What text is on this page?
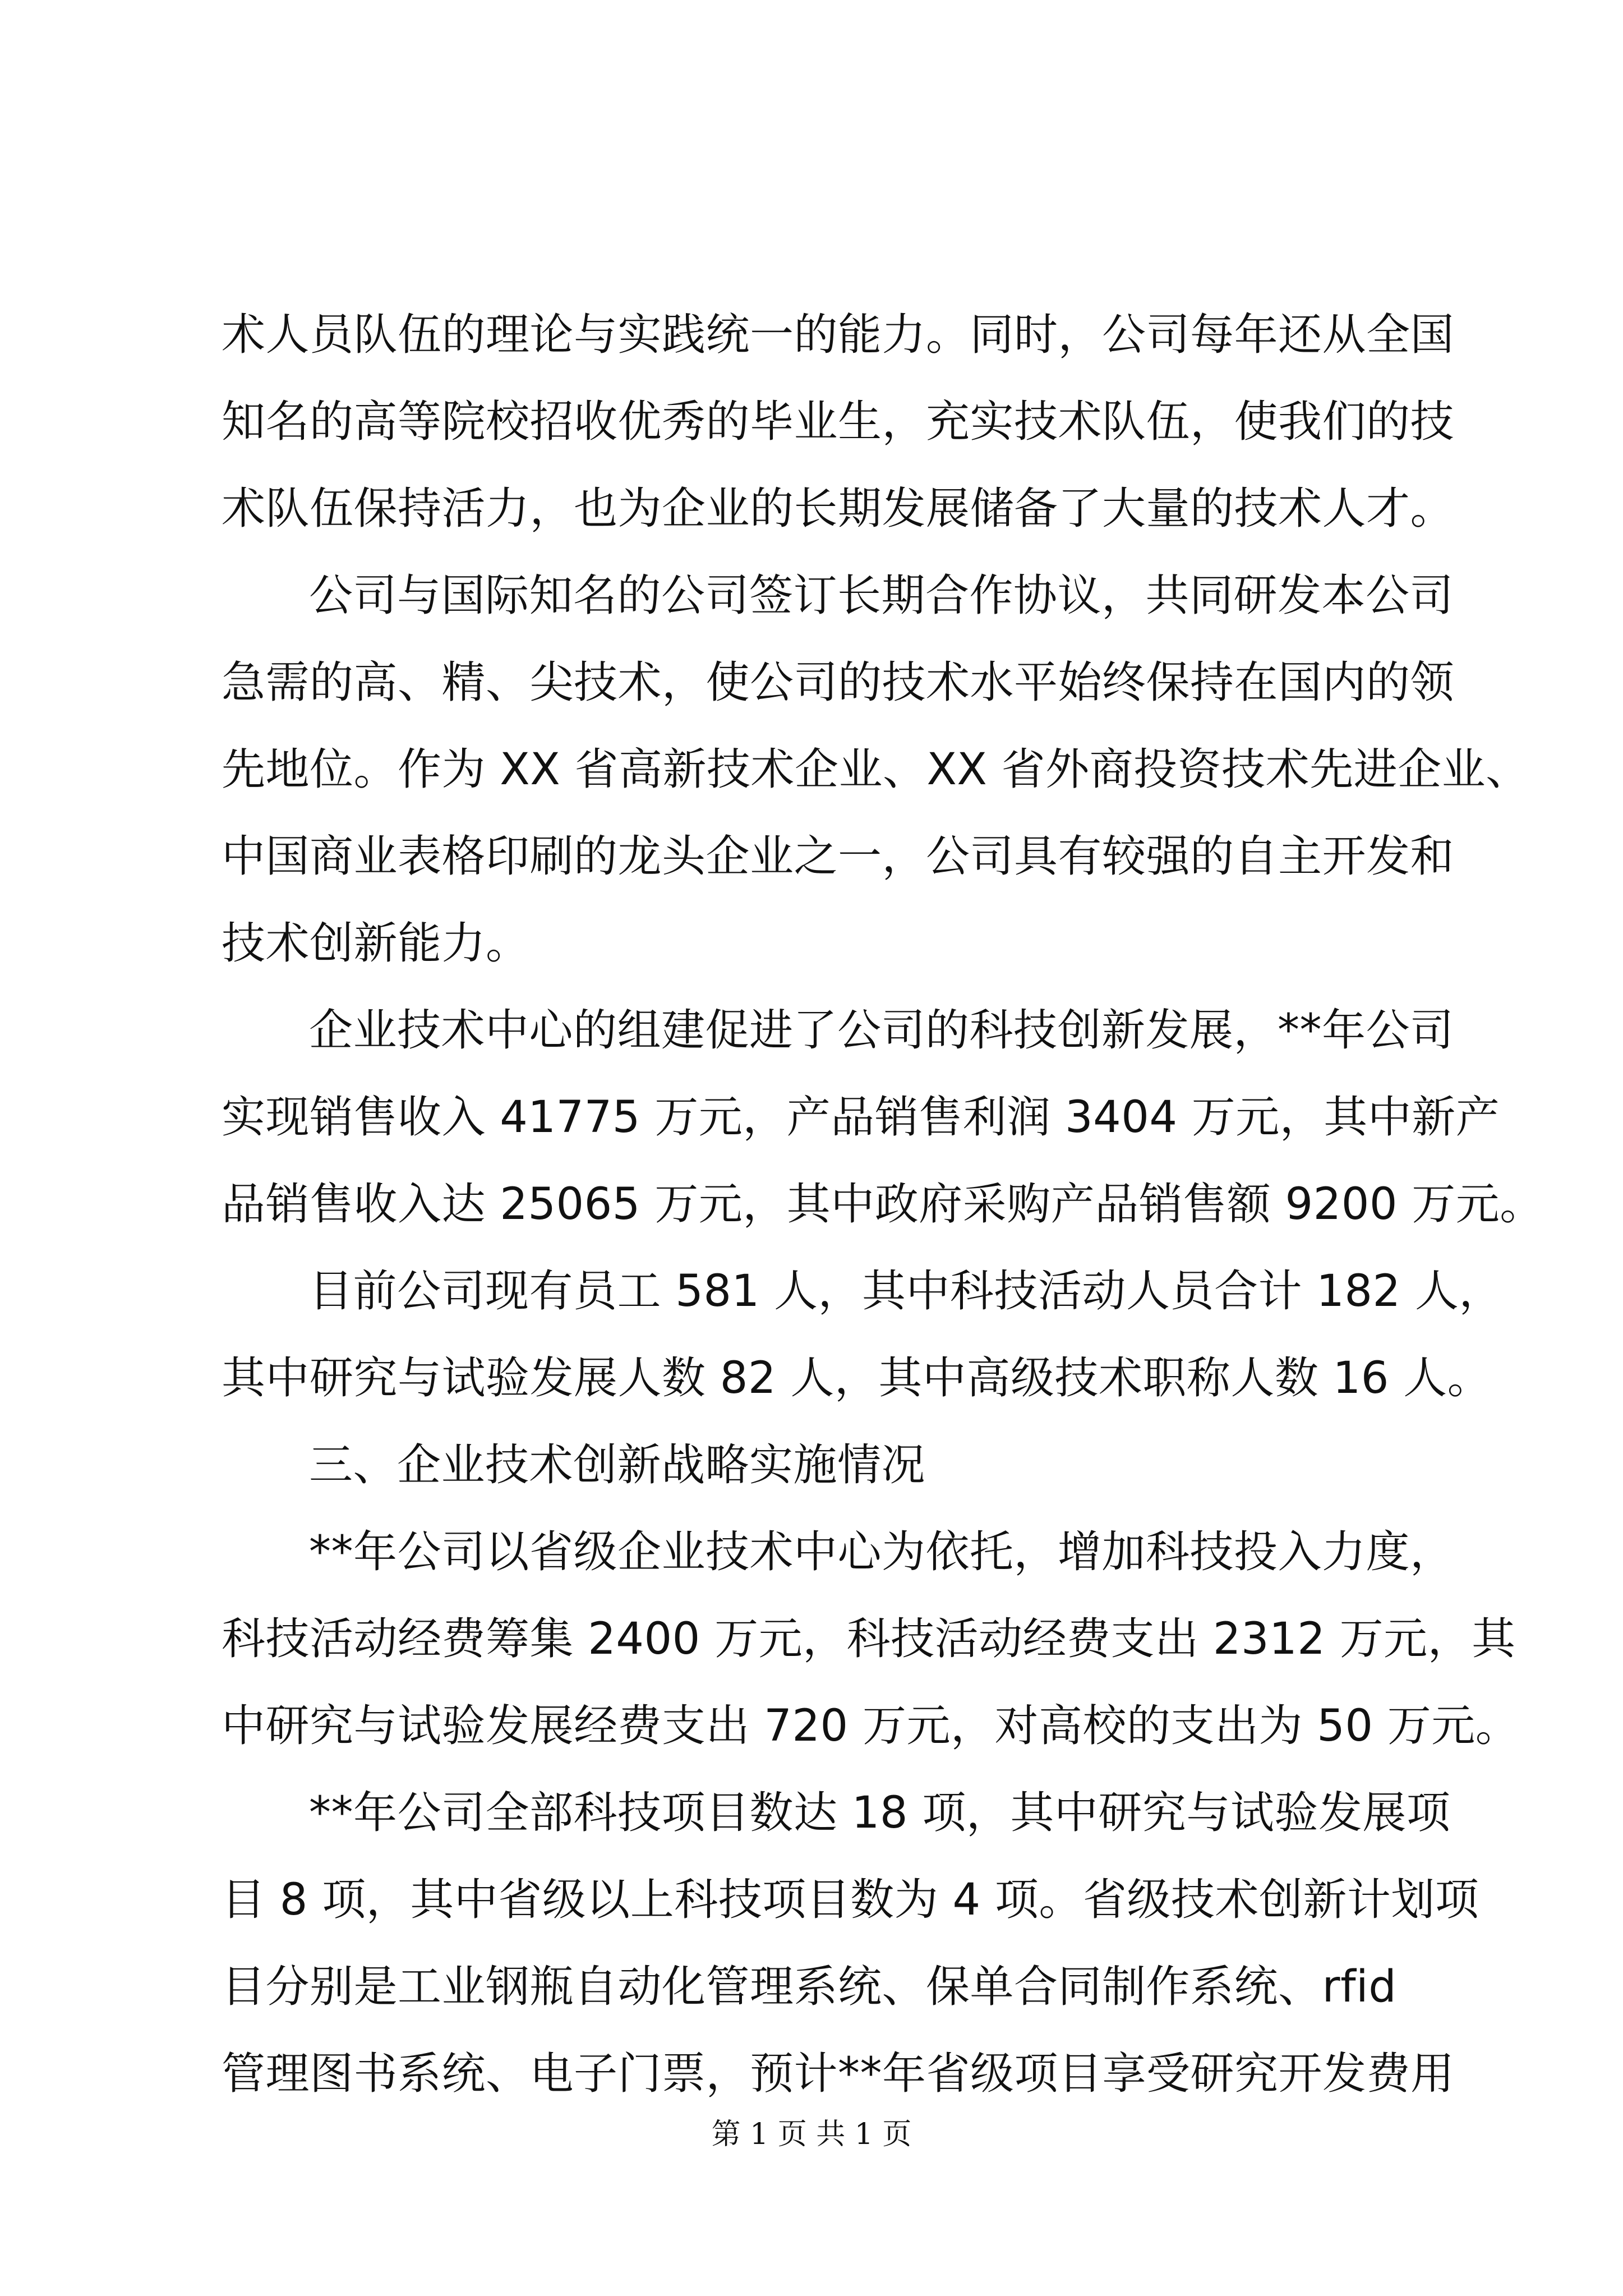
术人员队伍的理论与实践统一的能力。同时，公司每年还从全国
知名的高等院校招收优秀的毕业生，充实技术队伍，使我们的技
术队伍保持活力，也为企业的长期发展储备了大量的技术人才。
公司与国际知名的公司签订长期合作协议，共同研发本公司
急需的高、精、尖技术，使公司的技术水平始终保持在国内的领
先地位。作为 XX 省高新技术企业、XX 省外商投资技术先进企业、
中国商业表格印刷的龙头企业之一，公司具有较强的自主开发和
技术创新能力。
企业技术中心的组建促进了公司的科技创新发展，**年公司
实现销售收入 41775 万元，产品销售利润 3404 万元，其中新产
品销售收入达 25065 万元，其中政府采购产品销售额 9200 万元。
目前公司现有员工 581 人，其中科技活动人员合计 182 人，
其中研究与试验发展人数 82 人，其中高级技术职称人数 16 人。
三、企业技术创新战略实施情况
**年公司以省级企业技术中心为依托，增加科技投入力度，
科技活动经费筹集 2400 万元，科技活动经费支出 2312 万元，其
中研究与试验发展经费支出 720 万元，对高校的支出为 50 万元。
**年公司全部科技项目数达 18 项，其中研究与试验发展项
目 8 项，其中省级以上科技项目数为 4 项。省级技术创新计划项
目分别是工业钢瓶自动化管理系统、保单合同制作系统、rfid
管理图书系统、电子门票，预计**年省级项目享受研究开发费用
第 1 页 共 1 页
